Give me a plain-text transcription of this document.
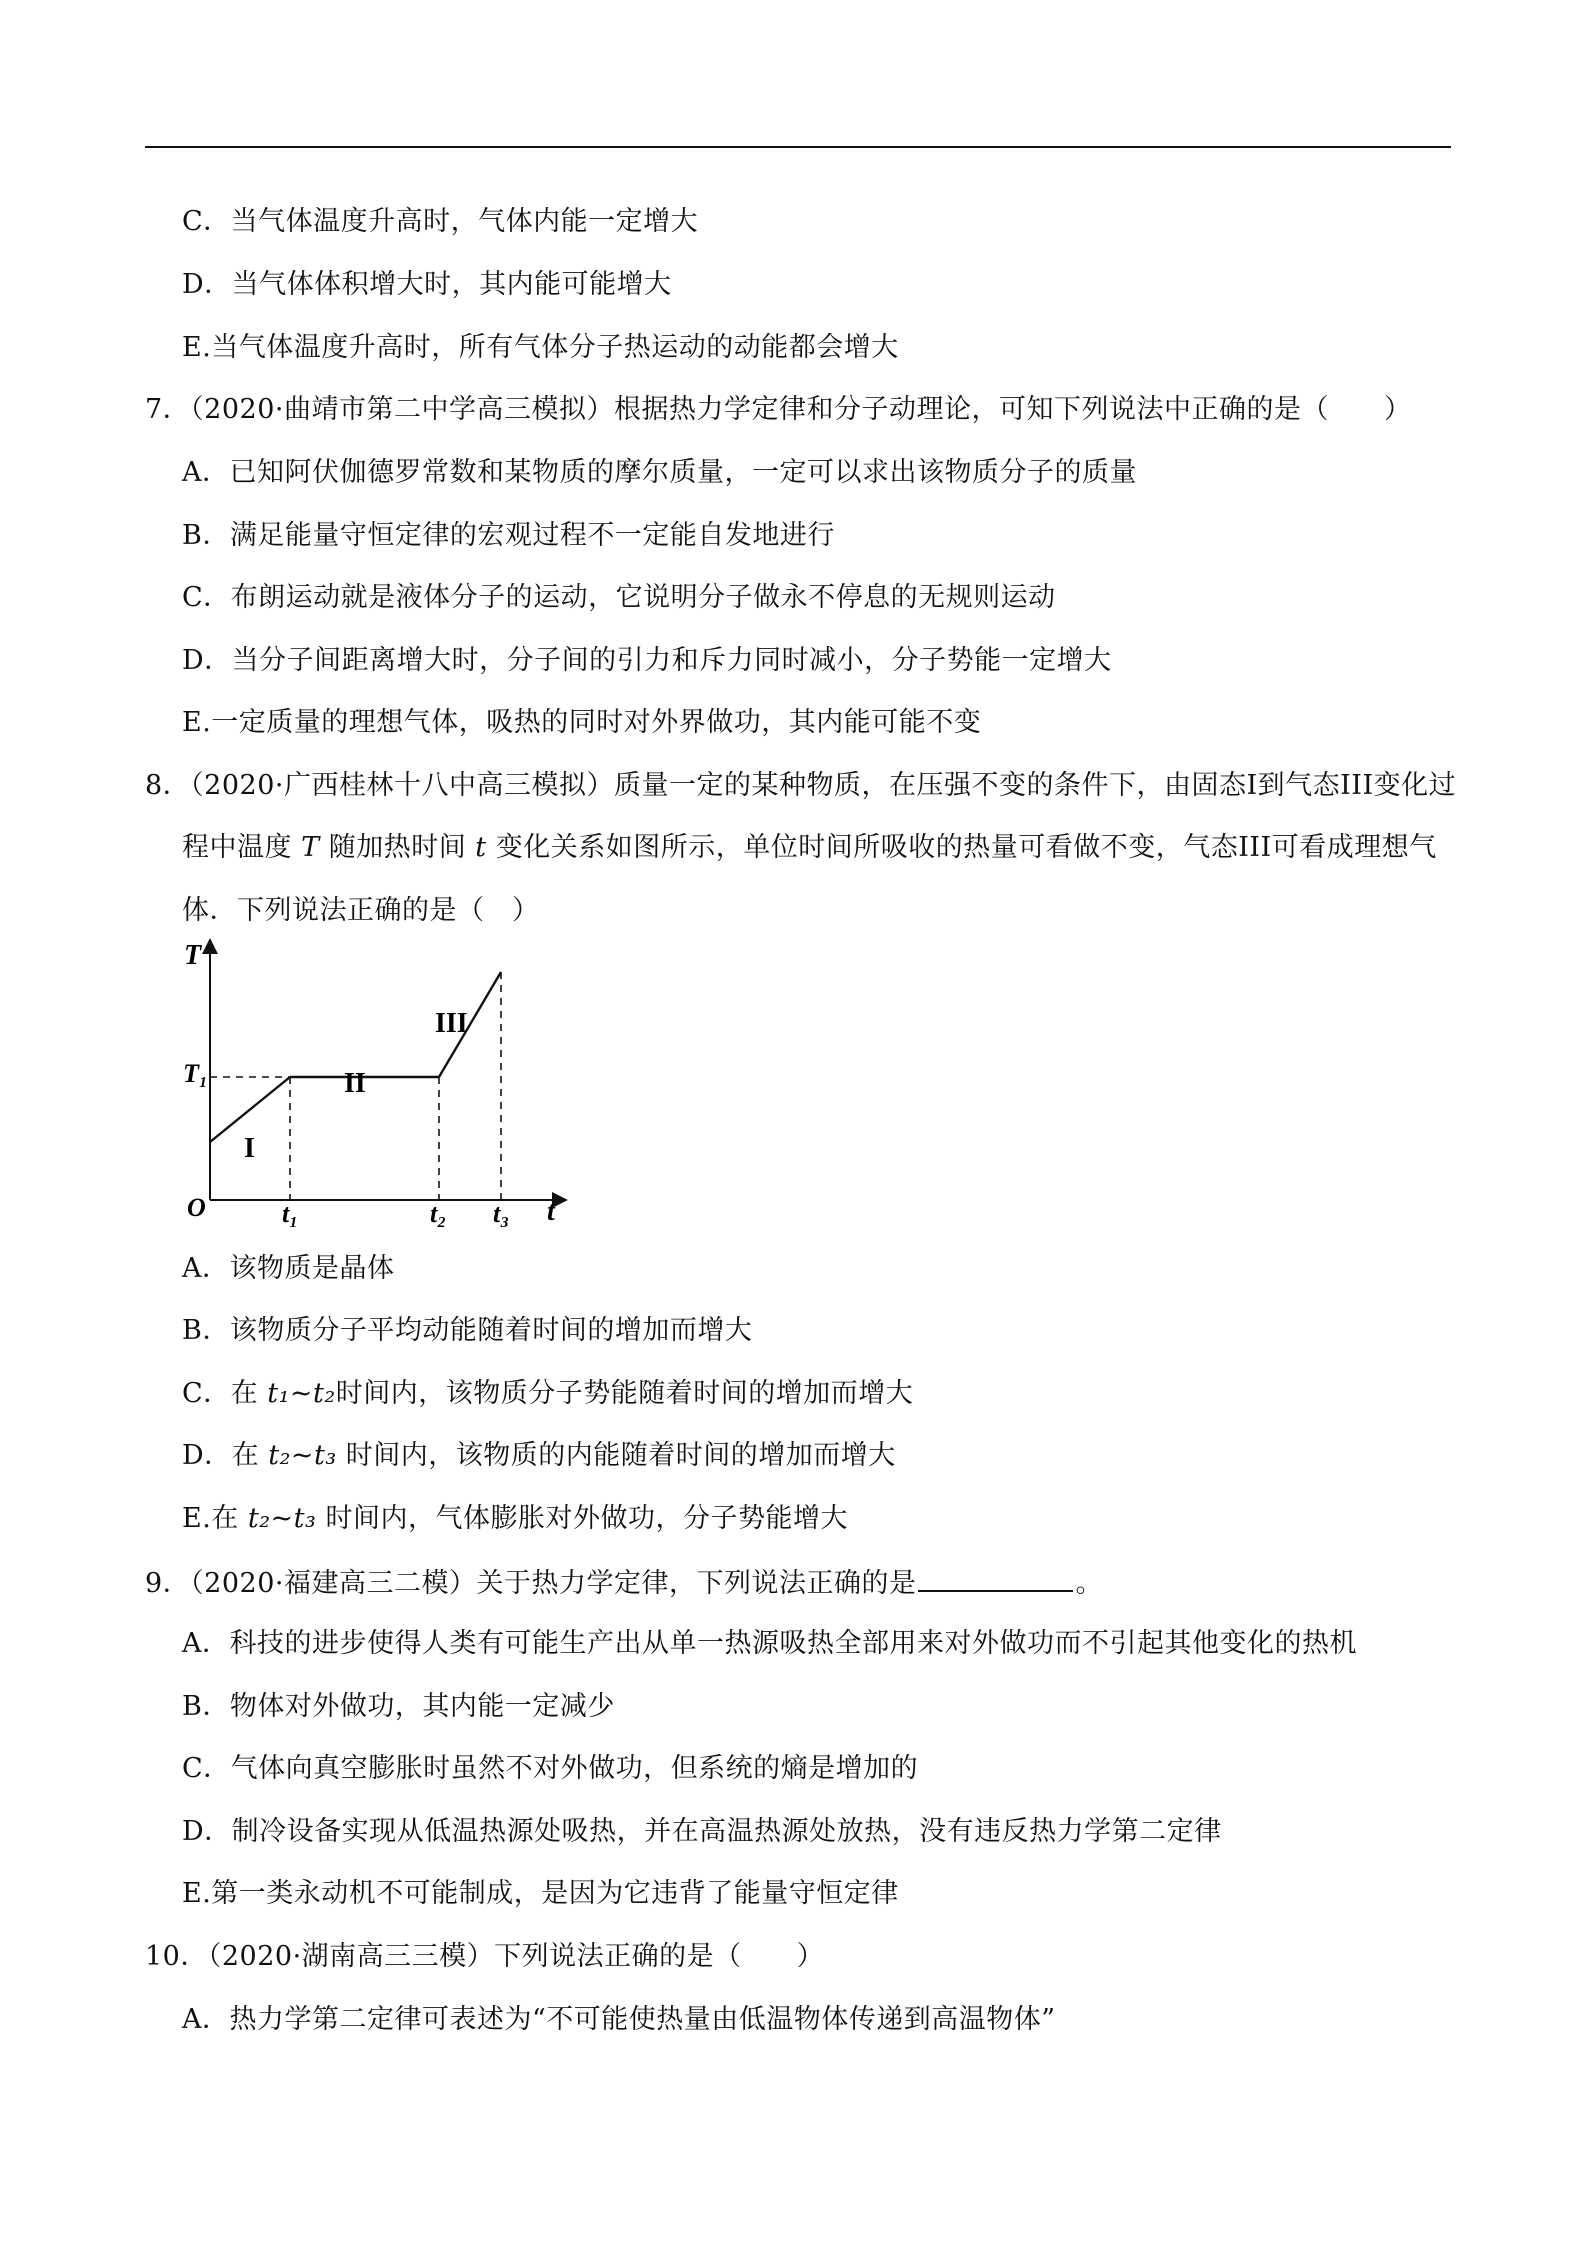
C．当气体温度升高时，气体内能一定增大
D．当气体体积增大时，其内能可能增大
E.当气体温度升高时，所有气体分子热运动的动能都会增大
7．（2020·曲靖市第二中学高三模拟）根据热力学定律和分子动理论，可知下列说法中正确的是（　　）
A．已知阿伏伽德罗常数和某物质的摩尔质量，一定可以求出该物质分子的质量
B．满足能量守恒定律的宏观过程不一定能自发地进行
C．布朗运动就是液体分子的运动，它说明分子做永不停息的无规则运动
D．当分子间距离增大时，分子间的引力和斥力同时减小，分子势能一定增大
E.一定质量的理想气体，吸热的同时对外界做功，其内能可能不变
8．（2020·广西桂林十八中高三模拟）质量一定的某种物质，在压强不变的条件下，由固态I到气态III变化过
程中温度 T 随加热时间 t 变化关系如图所示，单位时间所吸收的热量可看做不变，气态III可看成理想气
体．下列说法正确的是（　）
T
t
O
T₁
t₁	t₂ t₃
I
II
III
A．该物质是晶体
B．该物质分子平均动能随着时间的增加而增大
C．在 t₁~t₂时间内，该物质分子势能随着时间的增加而增大
D．在 t₂~t₃ 时间内，该物质的内能随着时间的增加而增大
E.在 t₂~t₃ 时间内，气体膨胀对外做功，分子势能增大
9．（2020·福建高三二模）关于热力学定律，下列说法正确的是	。
A．科技的进步使得人类有可能生产出从单一热源吸热全部用来对外做功而不引起其他变化的热机
B．物体对外做功，其内能一定减少
C．气体向真空膨胀时虽然不对外做功，但系统的熵是增加的
D．制冷设备实现从低温热源处吸热，并在高温热源处放热，没有违反热力学第二定律
E.第一类永动机不可能制成，是因为它违背了能量守恒定律
10．（2020·湖南高三三模）下列说法正确的是（　　）
A．热力学第二定律可表述为“不可能使热量由低温物体传递到高温物体”
